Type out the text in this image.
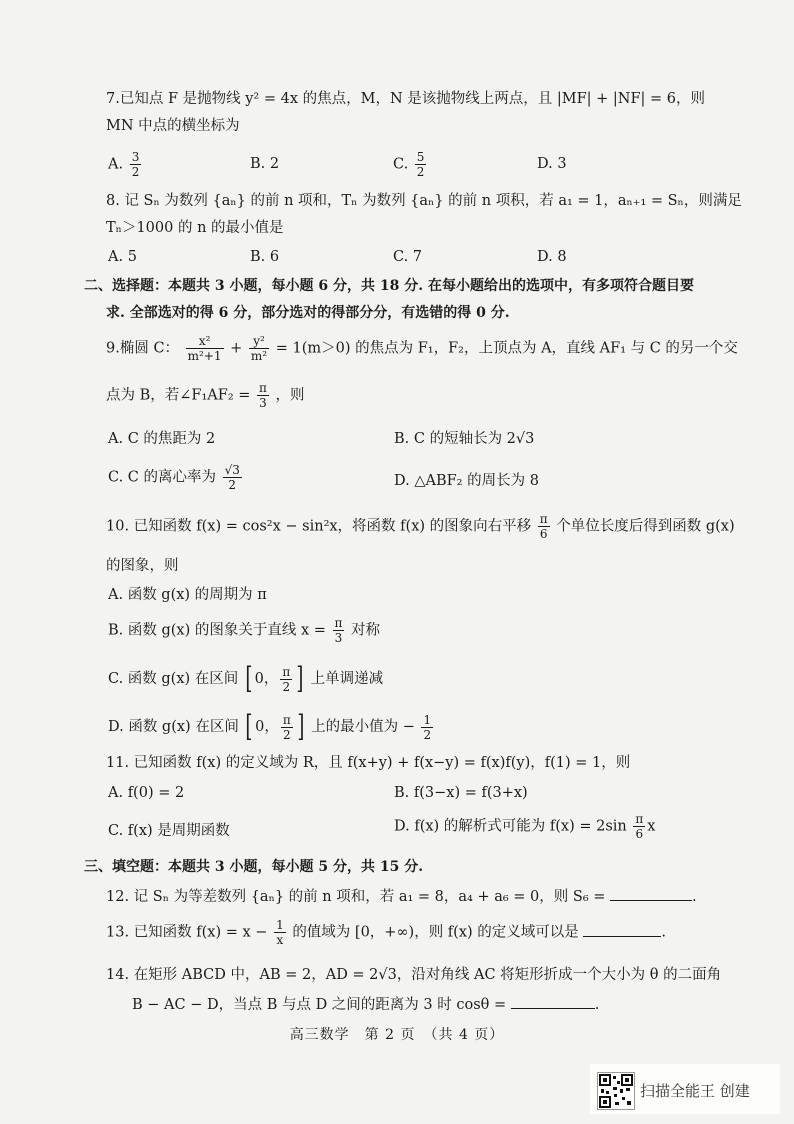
7.已知点 F 是抛物线 y² = 4x 的焦点，M，N 是该抛物线上两点，且 |MF| + |NF| = 6，则
MN 中点的横坐标为
A. $\frac{3}{2}$	B. 2	C. $\frac{5}{2}$	D. 3
8. 记 Sₙ 为数列 {aₙ} 的前 n 项和，Tₙ 为数列 {aₙ} 的前 n 项积，若 a₁ = 1，aₙ₊₁ = Sₙ，则满足
Tₙ＞1000 的 n 的最小值是
A. 5	B. 6	C. 7	D. 8
二、选择题：本题共 3 小题，每小题 6 分，共 18 分. 在每小题给出的选项中，有多项符合题目要
求. 全部选对的得 6 分，部分选对的得部分分，有选错的得 0 分.
9.椭圆 C： $\frac{\text{x²}}{\text{m²+1}} + \frac{\text{y²}}{\text{m²}} = 1(m>0)$ 的焦点为 F₁，F₂，上顶点为 A，直线 AF₁ 与 C 的另一个交
点为 B，若∠F₁AF₂ = $\frac{\pi}{3}$ ，则
A. C 的焦距为 2	B. C 的短轴长为 2√3
C. C 的离心率为 $\frac{√3}{2}$	D. △ABF₂ 的周长为 8
10. 已知函数 f(x) = cos²x − sin²x，将函数 f(x) 的图象向右平移 $\frac{\pi}{6}$ 个单位长度后得到函数 g(x)
的图象，则
A. 函数 g(x) 的周期为 π
B. 函数 g(x) 的图象关于直线 $x = \frac{\pi}{3}$ 对称
C. 函数 g(x) 在区间 [ 0， $\frac{\pi}{2}$ ] 上单调递减
D. 函数 g(x) 在区间 [ 0， $\frac{\pi}{2}$ ] 上的最小值为 − $\frac{1}{2}$
11. 已知函数 f(x) 的定义域为 R，且 f(x+y) + f(x−y) = f(x)f(y)，f(1) = 1，则
A. f(0) = 2	B. f(3−x) = f(3+x)
C. f(x) 是周期函数	D. f(x) 的解析式可能为 $f(x) = 2\sin \frac{\pi}{6}$ x
三、填空题：本题共 3 小题，每小题 5 分，共 15 分.
12. 记 Sₙ 为等差数列 {aₙ} 的前 n 项和，若 a₁ = 8，a₄ + a₆ = 0，则 S₆ =	.
13. 已知函数 $f(x) = x - \frac{1}{x}$ 的值域为 [0，+∞)，则 f(x) 的定义域可以是	.
14. 在矩形 ABCD 中，AB = 2，AD = 2√3，沿对角线 AC 将矩形折成一个大小为 θ 的二面角
B − AC − D，当点 B 与点 D 之间的距离为 3 时 cosθ =	.
高三数学　第 2 页　（共 4 页）
扫描全能王 创建
